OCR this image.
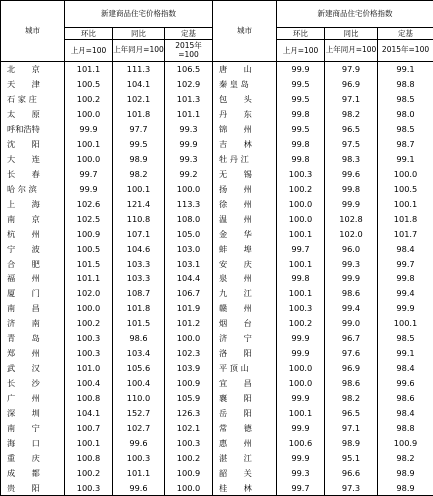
城市	新建商品住宅价格指数			城市	新建商品住宅价格指数		
	环比	同比	定基		环比	同比	定基
	上月=100	上年同月=100	2015年=100		上月=100	上年同月=100	2015年=100
北　　京	101.1	111.3	106.5	唐　　山	99.9	97.9	99.1
天　　津	100.5	104.1	102.9	秦 皇 岛	99.5	96.9	98.8
石 家 庄	100.2	102.1	101.3	包　　头	99.5	97.1	98.5
太　　原	100.0	101.8	101.1	丹　　东	99.8	98.2	98.0
呼和浩特	99.9	97.7	99.3	锦　　州	99.5	96.5	98.5
沈　　阳	100.1	99.5	99.9	吉　　林	99.8	97.5	98.7
大　　连	100.0	98.9	99.3	牡 丹 江	99.8	98.3	99.1
长　　春	99.7	98.2	99.2	无　　锡	100.3	99.6	100.0
哈 尔 滨	99.9	100.1	100.0	扬　　州	100.2	99.8	100.5
上　　海	102.6	121.4	113.3	徐　　州	100.0	99.9	100.1
南　　京	102.5	110.8	108.0	温　　州	100.0	102.8	101.8
杭　　州	100.9	107.1	105.0	金　　华	100.1	102.0	101.7
宁　　波	100.5	104.6	103.0	蚌　　埠	99.7	96.0	98.4
合　　肥	101.5	103.3	103.1	安　　庆	100.1	99.3	99.7
福　　州	101.1	103.3	104.4	泉　　州	99.8	99.9	99.8
厦　　门	102.0	108.7	106.7	九　　江	100.1	98.6	99.4
南　　昌	100.0	101.8	101.9	赣　　州	100.3	99.4	99.9
济　　南	100.2	101.5	101.2	烟　　台	100.2	99.0	100.1
青　　岛	100.3	98.6	100.0	济　　宁	99.9	96.7	98.5
郑　　州	100.3	103.4	102.3	洛　　阳	99.9	97.6	99.1
武　　汉	101.0	105.6	103.9	平 顶 山	100.0	96.9	98.4
长　　沙	100.4	100.4	100.9	宜　　昌	100.0	98.6	99.6
广　　州	100.8	110.0	105.9	襄　　阳	99.9	98.2	98.6
深　　圳	104.1	152.7	126.3	岳　　阳	100.1	96.5	98.4
南　　宁	100.7	102.7	102.1	常　　德	99.9	97.1	98.8
海　　口	100.1	99.6	100.3	惠　　州	100.6	98.9	100.9
重　　庆	100.8	100.3	100.2	湛　　江	99.9	95.1	98.2
成　　都	100.2	101.1	100.9	韶　　关	99.3	96.6	98.9
贵　　阳	100.3	99.6	100.0	桂　　林	99.7	97.3	98.9
